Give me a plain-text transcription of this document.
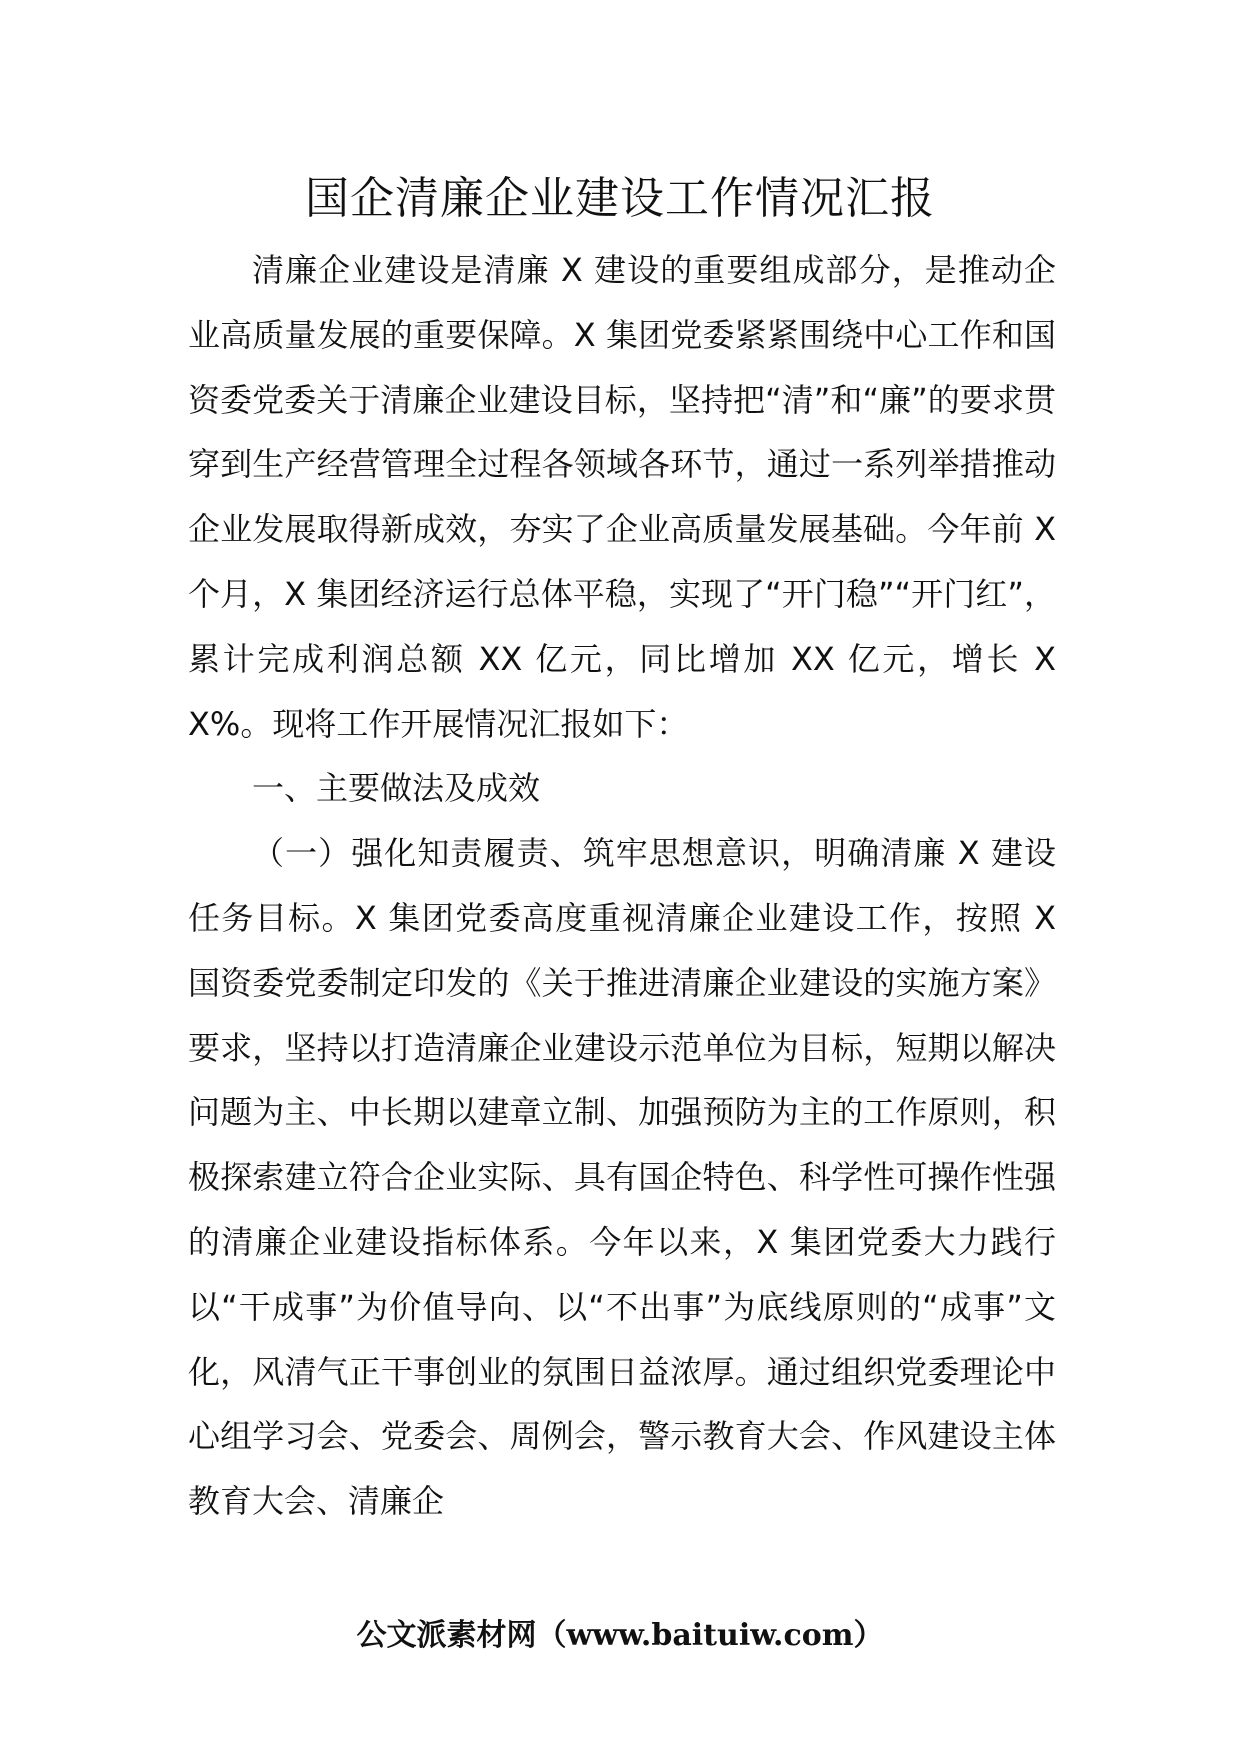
国企清廉企业建设工作情况汇报

清廉企业建设是清廉 X 建设的重要组成部分，是推动企业高质量发展的重要保障。X 集团党委紧紧围绕中心工作和国资委党委关于清廉企业建设目标，坚持把“清”和“廉”的要求贯穿到生产经营管理全过程各领域各环节，通过一系列举措推动企业发展取得新成效，夯实了企业高质量发展基础。今年前 X 个月，X 集团经济运行总体平稳，实现了“开门稳”“开门红”，累计完成利润总额 XX 亿元，同比增加 XX 亿元，增长 XX%。现将工作开展情况汇报如下：

一、主要做法及成效

（一）强化知责履责、筑牢思想意识，明确清廉 X 建设任务目标。X 集团党委高度重视清廉企业建设工作，按照 X 国资委党委制定印发的《关于推进清廉企业建设的实施方案》要求，坚持以打造清廉企业建设示范单位为目标，短期以解决问题为主、中长期以建章立制、加强预防为主的工作原则，积极探索建立符合企业实际、具有国企特色、科学性可操作性强的清廉企业建设指标体系。今年以来，X 集团党委大力践行以“干成事”为价值导向、以“不出事”为底线原则的“成事”文化，风清气正干事创业的氛围日益浓厚。通过组织党委理论中心组学习会、党委会、周例会，警示教育大会、作风建设主体教育大会、清廉企

公文派素材网（www.baituiw.com）
